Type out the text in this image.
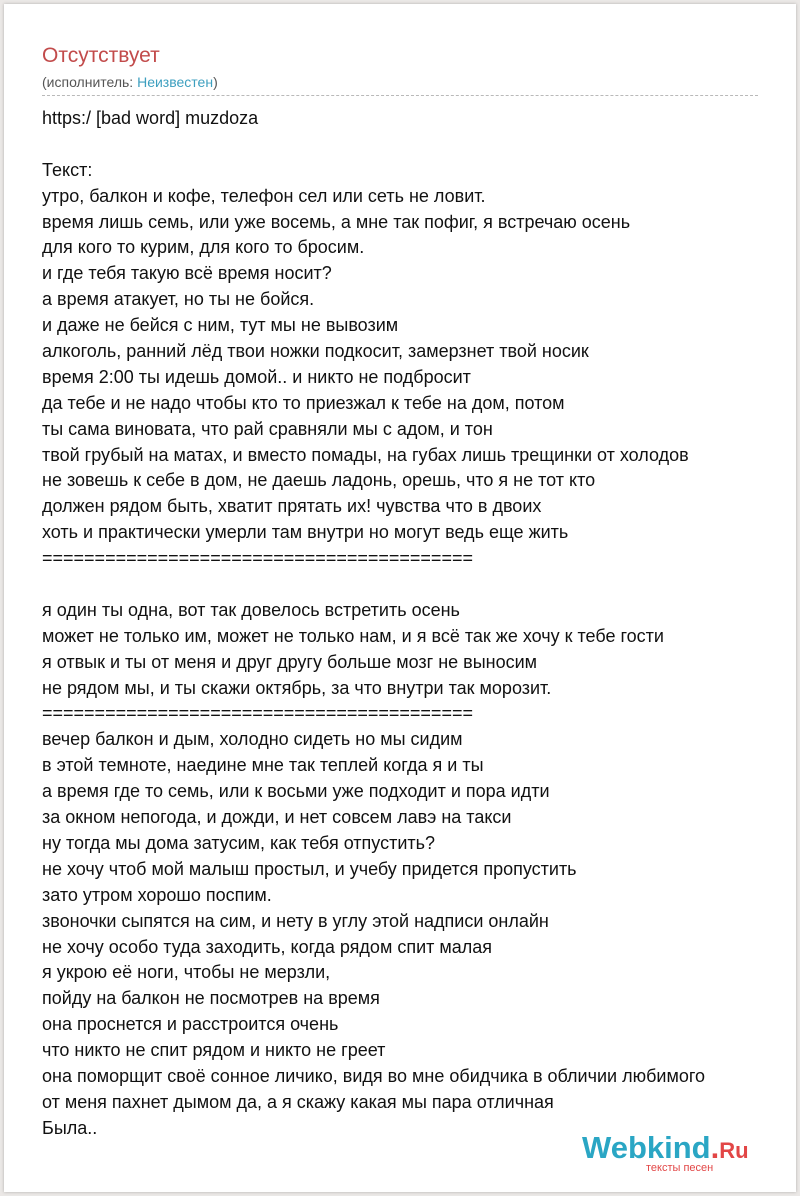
Отсутствует
(исполнитель: Неизвестен)
https:/ [bad word] muzdoza
Текст:
утро, балкон и кофе, телефон сел или сеть не ловит.
время лишь семь, или уже восемь, а мне так пофиг, я встречаю осень
для кого то курим, для кого то бросим.
и где тебя такую всё время носит?
а время атакует, но ты не бойся.
и даже не бейся с ним, тут мы не вывозим
алкоголь, ранний лёд твои ножки подкосит, замерзнет твой носик
время 2:00 ты идешь домой.. и никто не подбросит
да тебе и не надо чтобы кто то приезжал к тебе на дом, потом
ты сама виновата, что рай сравняли мы с адом, и тон
твой грубый на матах, и вместо помады, на губах лишь трещинки от холодов
не зовешь к себе в дом, не даешь ладонь, орешь, что я не тот кто
должен рядом быть, хватит прятать их! чувства что в двоих
хоть и практически умерли там внутри но могут ведь еще жить
=========================================
я один ты одна, вот так довелось встретить осень
может не только им, может не только нам, и я всё так же хочу к тебе гости
я отвык и ты от меня и друг другу больше мозг не выносим
не рядом мы, и ты скажи октябрь, за что внутри так морозит.
=========================================
вечер балкон и дым, холодно сидеть но мы сидим
в этой темноте, наедине мне так теплей когда я и ты
а время где то семь, или к восьми уже подходит и пора идти
за окном непогода, и дожди, и нет совсем лавэ на такси
ну тогда мы дома затусим, как тебя отпустить?
не хочу чтоб мой малыш простыл, и учебу придется пропустить
зато утром хорошо поспим.
звоночки сыпятся на сим, и нету в углу этой надписи онлайн
не хочу особо туда заходить, когда рядом спит малая
я укрою её ноги, чтобы не мерзли,
пойду на балкон не посмотрев на время
она проснется и расстроится очень
что никто не спит рядом и никто не греет
она поморщит своё сонное личико, видя во мне обидчика в обличии любимого
от меня пахнет дымом да, а я скажу какая мы пара отличная
Была..
Webkind.Ru
тексты песен
